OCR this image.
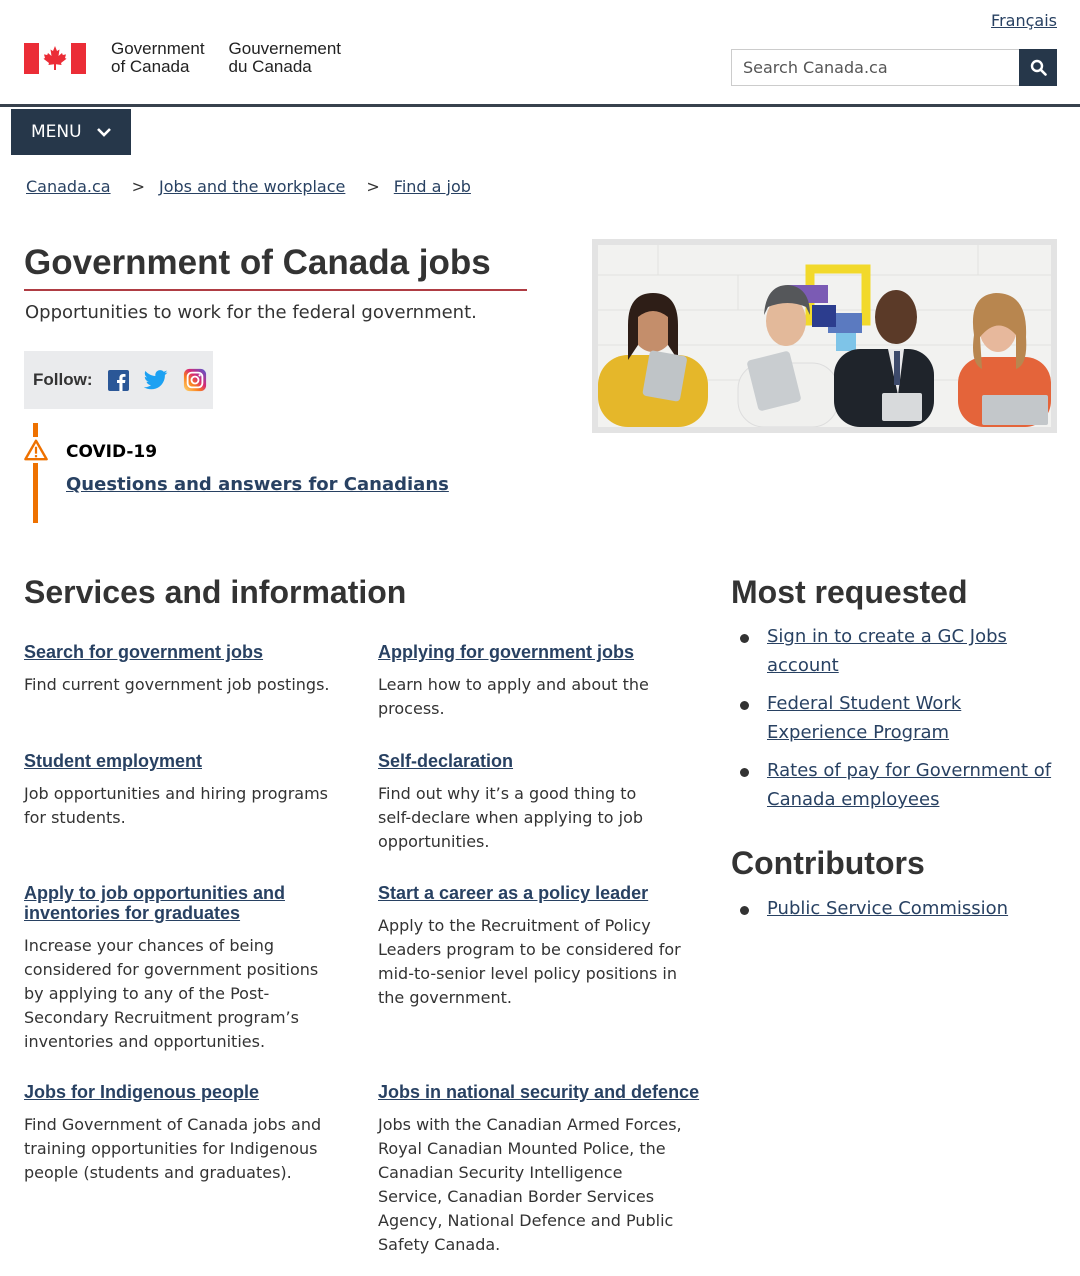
Français
Government
of Canada
Gouvernement
du Canada
Search Canada.ca
MENU
Canada.ca > Jobs and the workplace > Find a job
Government of Canada jobs

Opportunities to work for the federal government.

Follow:
COVID-19
Questions and answers for Canadians
Services and information
Search for government jobs

Find current government job postings.

Applying for government jobs

Learn how to apply and about the process.

Student employment

Job opportunities and hiring programs for students.

Self-declaration

Find out why it’s a good thing to self-declare when applying to job opportunities.

Apply to job opportunities and inventories for graduates

Increase your chances of being considered for government positions by applying to any of the Post-Secondary Recruitment program’s inventories and opportunities.

Start a career as a policy leader

Apply to the Recruitment of Policy Leaders program to be considered for mid-to-senior level policy positions in the government.

Jobs for Indigenous people

Find Government of Canada jobs and training opportunities for Indigenous people (students and graduates).

Jobs in national security and defence

Jobs with the Canadian Armed Forces, Royal Canadian Mounted Police, the Canadian Security Intelligence Service, Canadian Border Services Agency, National Defence and Public Safety Canada.

Most requested
Sign in to create a GC Jobs account
Federal Student Work Experience Program
Rates of pay for Government of Canada employees
Contributors
Public Service Commission
